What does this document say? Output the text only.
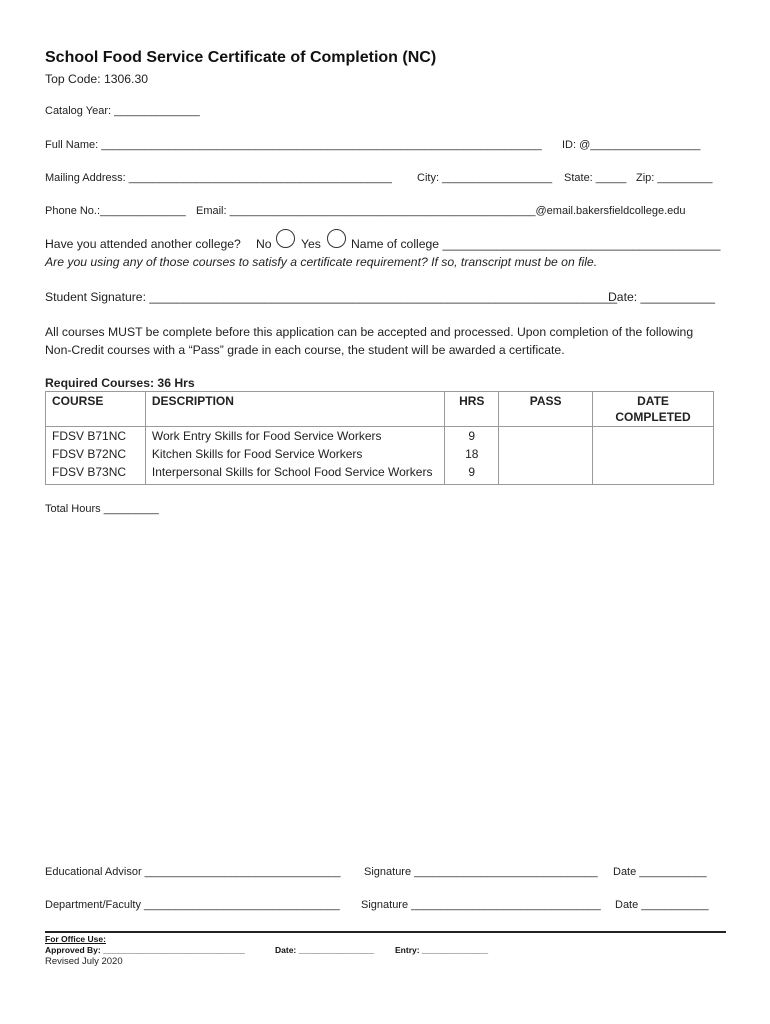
School Food Service Certificate of Completion (NC)
Top Code: 1306.30
Catalog Year: ______________
Full Name: ________________________________________________________________________ ID: @__________________
Mailing Address: ___________________________________________ City: __________________ State: _____ Zip: _________
Phone No.:______________ Email: __________________________________________________@email.bakersfieldcollege.edu
Have you attended another college? No Yes Name of college _________________________________________
Are you using any of those courses to satisfy a certificate requirement? If so, transcript must be on file.
Student Signature: _____________________________________________________________________
Date: ___________
All courses MUST be complete before this application can be accepted and processed. Upon completion of the following
Non-Credit courses with a “Pass” grade in each course, the student will be awarded a certificate.
Required Courses: 36 Hrs
COURSE	DESCRIPTION	HRS	PASS	DATE COMPLETED
FDSV B71NC	Work Entry Skills for Food Service Workers	9		
FDSV B72NC	Kitchen Skills for Food Service Workers	18		
FDSV B73NC	Interpersonal Skills for School Food Service Workers	9		
Total Hours _________
Educational Advisor ________________________________ Signature ______________________________ Date ___________
Department/Faculty ________________________________ Signature _______________________________ Date ___________
For Office Use:
Approved By: ______________________________	Date: ________________ Entry: ______________
Revised July 2020
